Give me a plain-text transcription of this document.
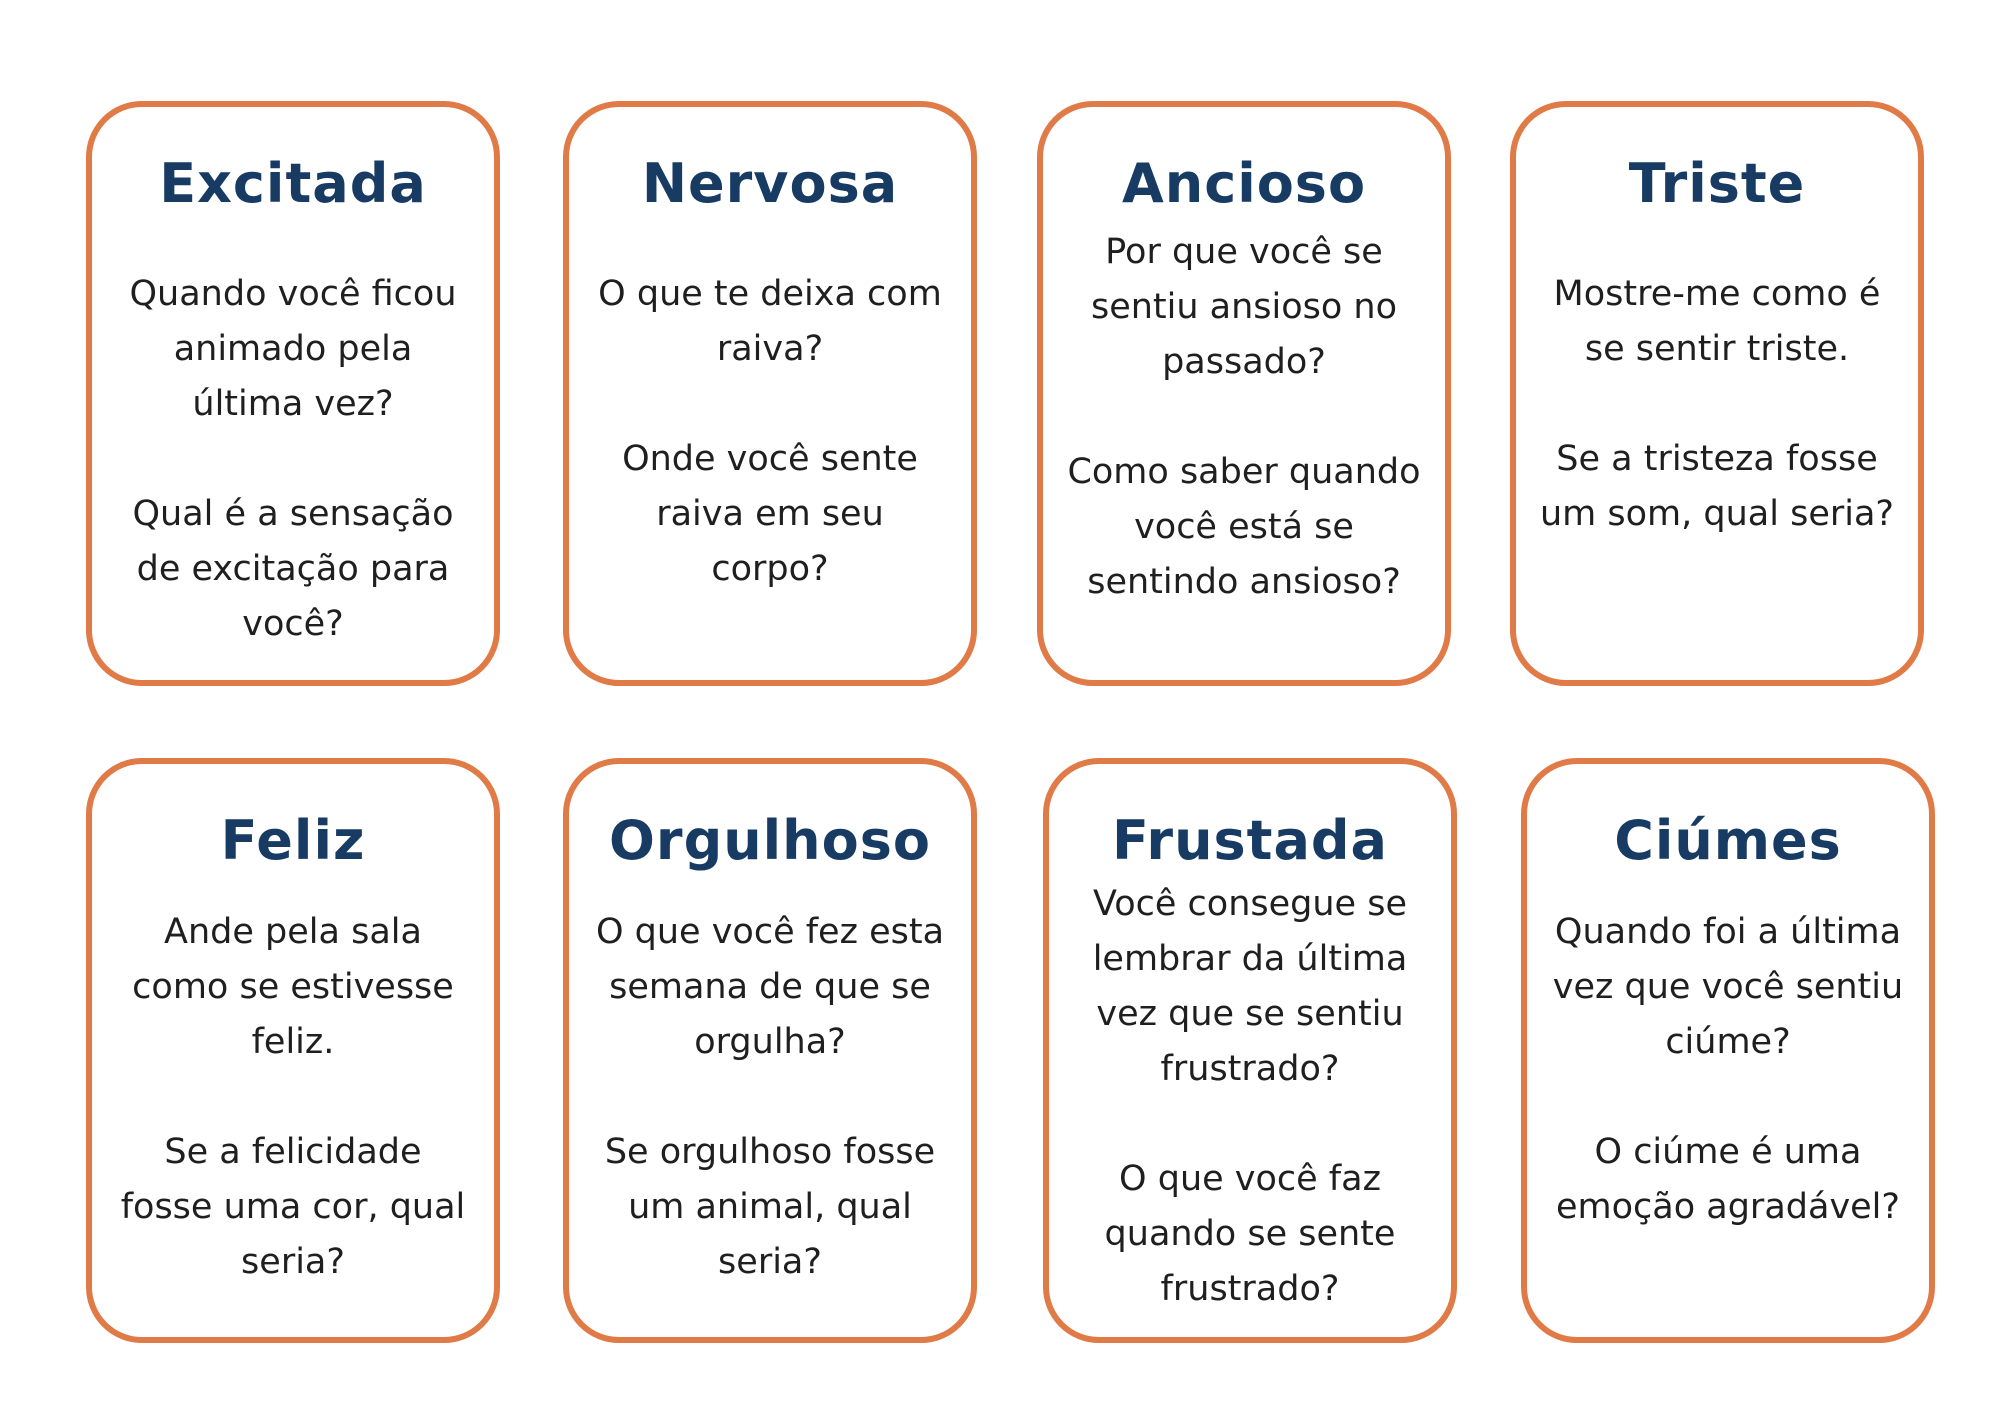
Excitada

Quando você ficou animado pela última vez?

Qual é a sensação de excitação para você?

Nervosa

O que te deixa com raiva?

Onde você sente raiva em seu corpo?

Ancioso

Por que você se sentiu ansioso no passado?

Como saber quando você está se sentindo ansioso?

Triste

Mostre-me como é se sentir triste.

Se a tristeza fosse um som, qual seria?

Feliz

Ande pela sala como se estivesse feliz.

Se a felicidade fosse uma cor, qual seria?

Orgulhoso

O que você fez esta semana de que se orgulha?

Se orgulhoso fosse um animal, qual seria?

Frustada

Você consegue se lembrar da última vez que se sentiu frustrado?

O que você faz quando se sente frustrado?

Ciúmes

Quando foi a última vez que você sentiu ciúme?

O ciúme é uma emoção agradável?
